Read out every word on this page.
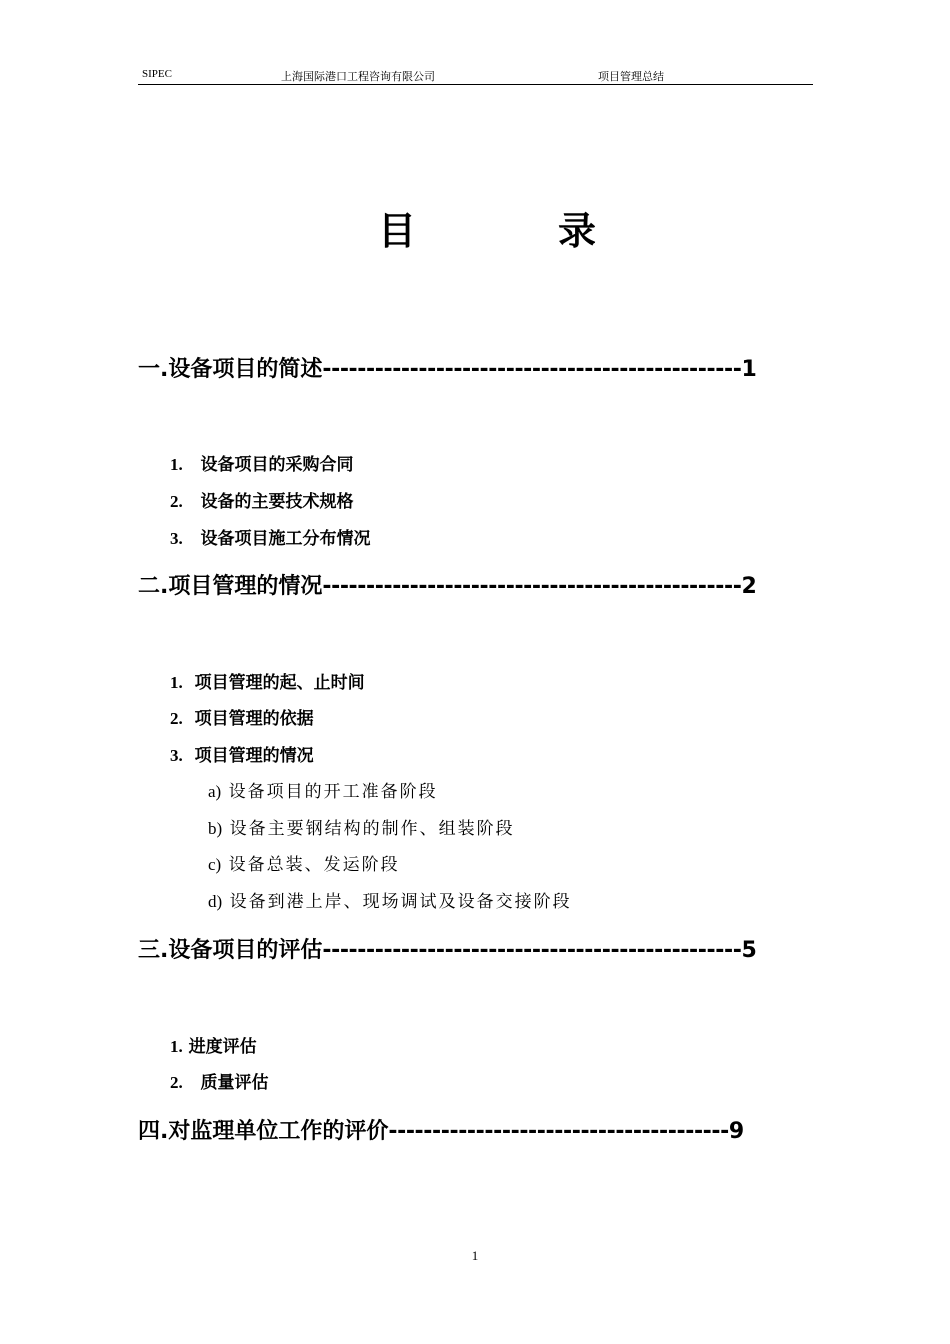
SIPEC	上海国际港口工程咨询有限公司	项目管理总结
目	录
一.设备项目的简述------------------------------------------------1
1. 设备项目的采购合同
2. 设备的主要技术规格
3. 设备项目施工分布情况
二.项目管理的情况------------------------------------------------2
1. 项目管理的起、止时间
2. 项目管理的依据
3. 项目管理的情况
a) 设备项目的开工准备阶段
b) 设备主要钢结构的制作、组装阶段
c) 设备总装、发运阶段
d) 设备到港上岸、现场调试及设备交接阶段
三.设备项目的评估------------------------------------------------5
1. 进度评估
2. 质量评估
四.对监理单位工作的评价---------------------------------------9
1
